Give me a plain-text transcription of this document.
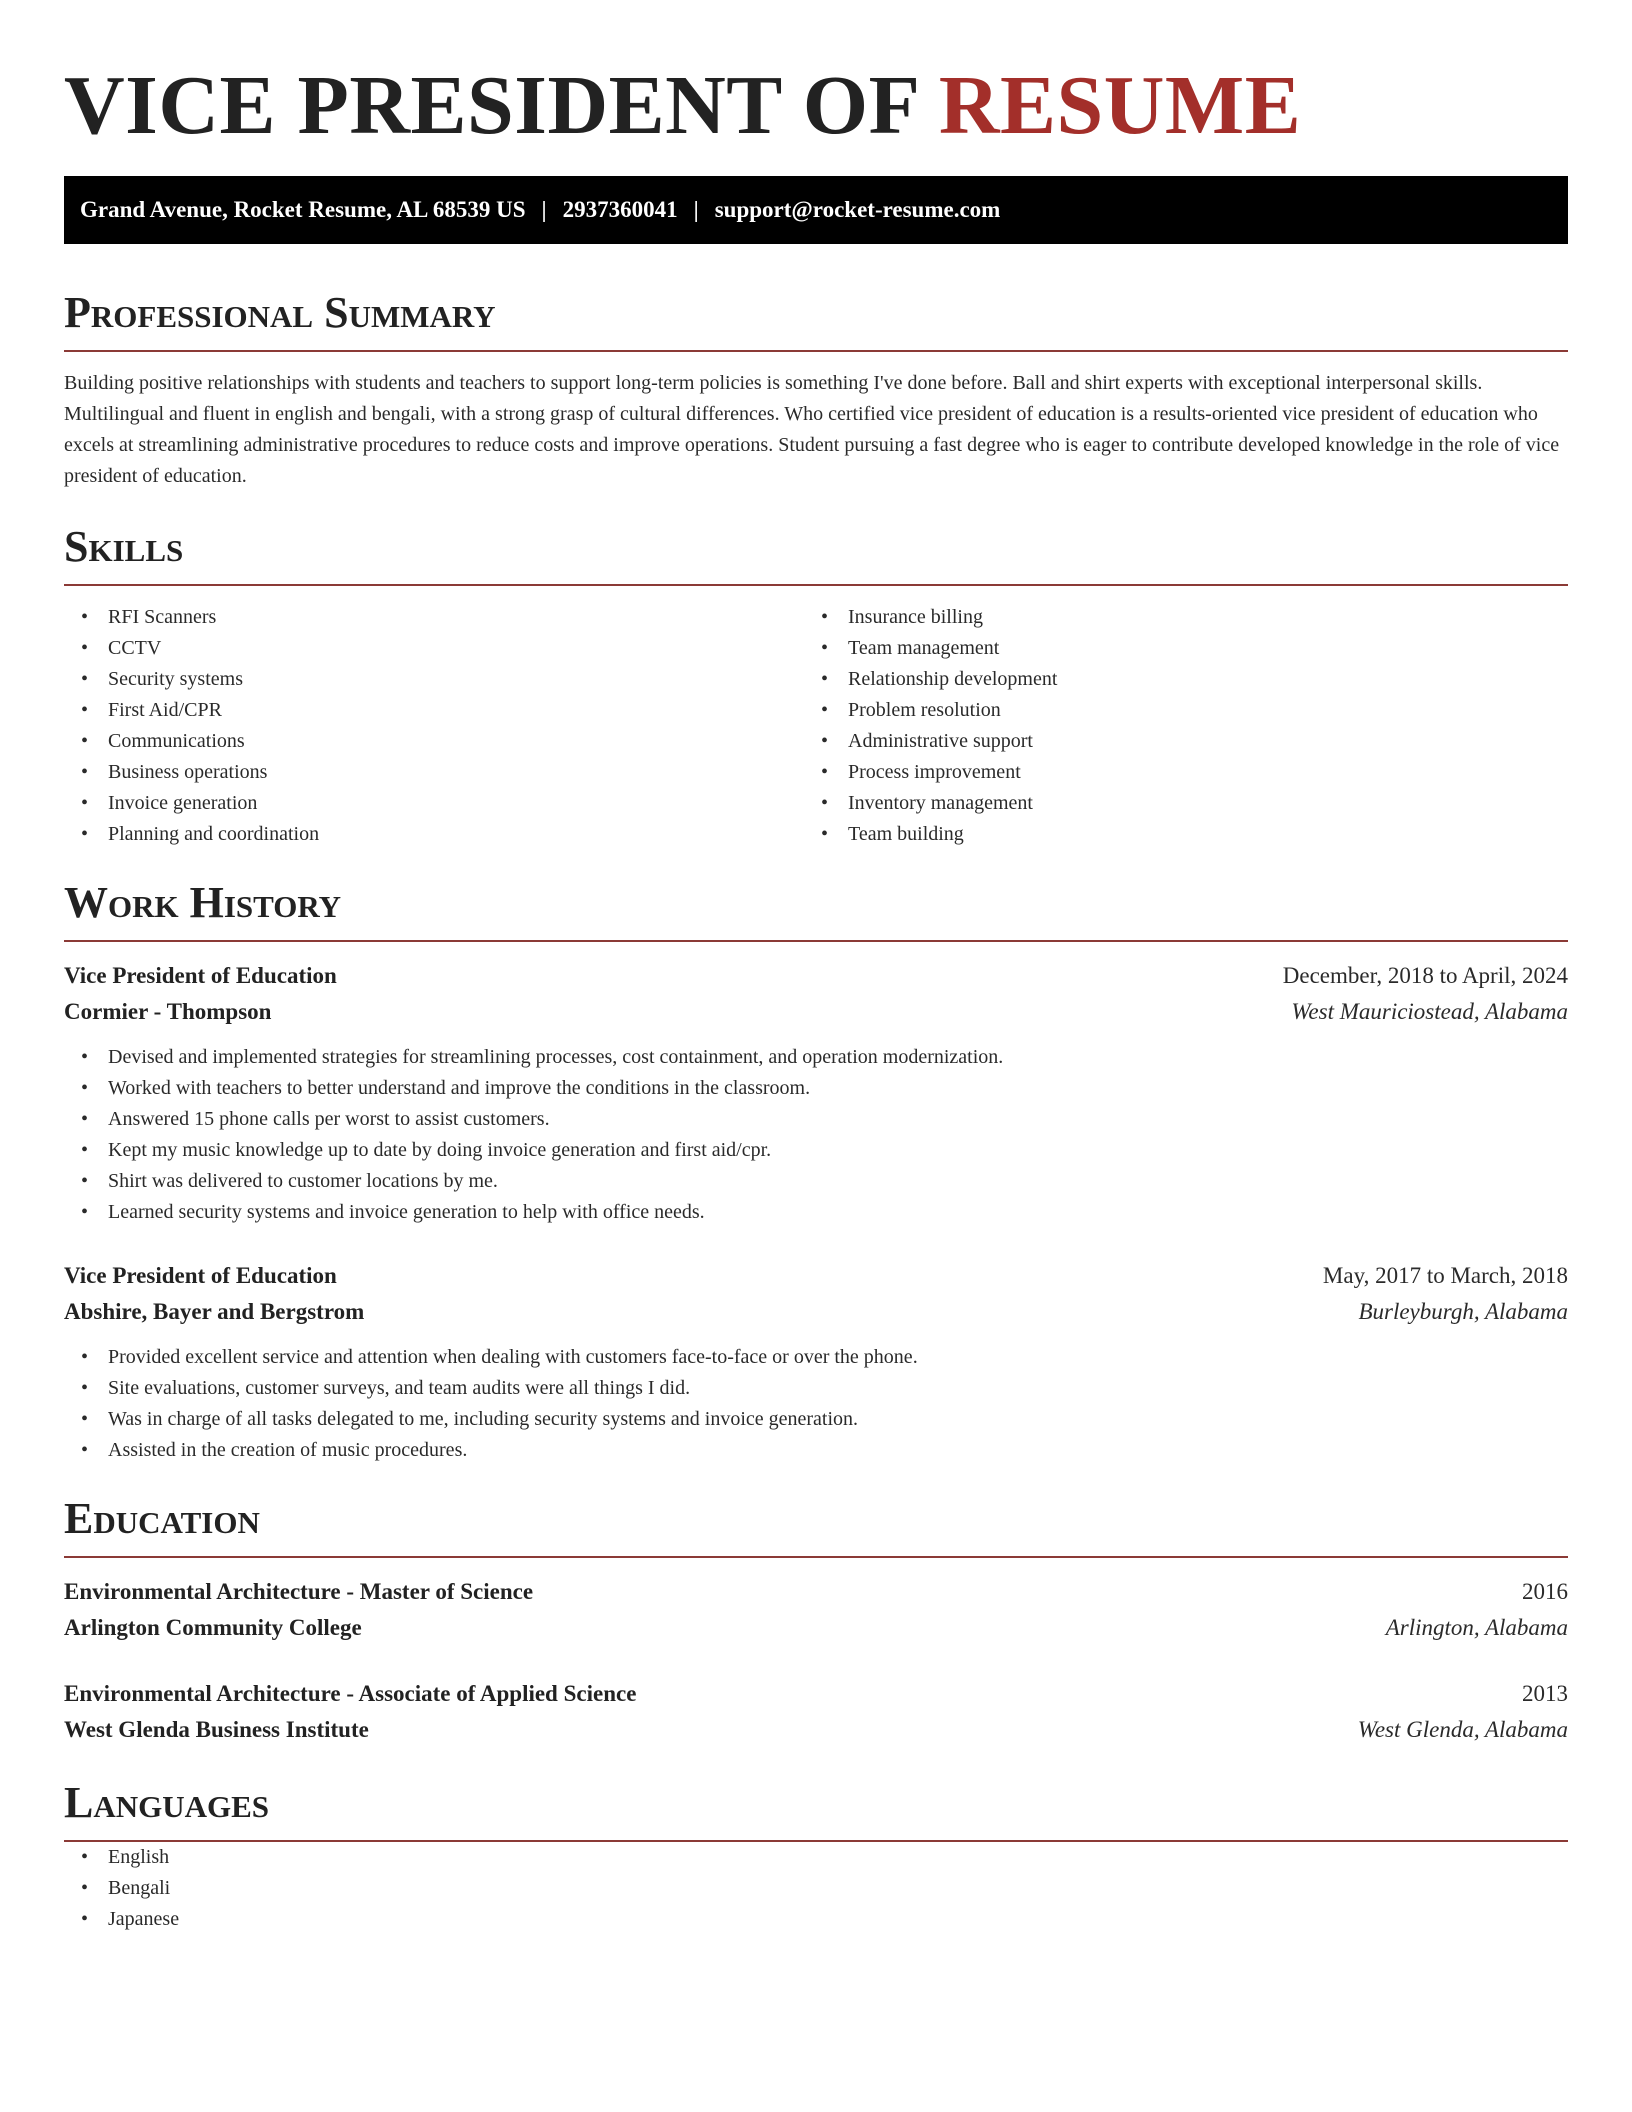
VICE PRESIDENT OF RESUME
Grand Avenue, Rocket Resume, AL 68539 US | 2937360041 | support@rocket-resume.com
Professional Summary

Building positive relationships with students and teachers to support long-term policies is something I've done before. Ball and shirt experts with exceptional interpersonal skills. Multilingual and fluent in english and bengali, with a strong grasp of cultural differences. Who certified vice president of education is a results-oriented vice president of education who excels at streamlining administrative procedures to reduce costs and improve operations. Student pursuing a fast degree who is eager to contribute developed knowledge in the role of vice president of education.

Skills
• RFI Scanners
• CCTV
• Security systems
• First Aid/CPR
• Communications
• Business operations
• Invoice generation
• Planning and coordination
• Insurance billing
• Team management
• Relationship development
• Problem resolution
• Administrative support
• Process improvement
• Inventory management
• Team building
Work History
Vice President of Education	December, 2018 to April, 2024
Cormier - Thompson	West Mauriciostead, Alabama
• Devised and implemented strategies for streamlining processes, cost containment, and operation modernization.
• Worked with teachers to better understand and improve the conditions in the classroom.
• Answered 15 phone calls per worst to assist customers.
• Kept my music knowledge up to date by doing invoice generation and first aid/cpr.
• Shirt was delivered to customer locations by me.
• Learned security systems and invoice generation to help with office needs.
Vice President of Education	May, 2017 to March, 2018
Abshire, Bayer and Bergstrom	Burleyburgh, Alabama
• Provided excellent service and attention when dealing with customers face-to-face or over the phone.
• Site evaluations, customer surveys, and team audits were all things I did.
• Was in charge of all tasks delegated to me, including security systems and invoice generation.
• Assisted in the creation of music procedures.
Education
Environmental Architecture - Master of Science	2016
Arlington Community College	Arlington, Alabama
Environmental Architecture - Associate of Applied Science	2013
West Glenda Business Institute	West Glenda, Alabama
Languages
• English
• Bengali
• Japanese
